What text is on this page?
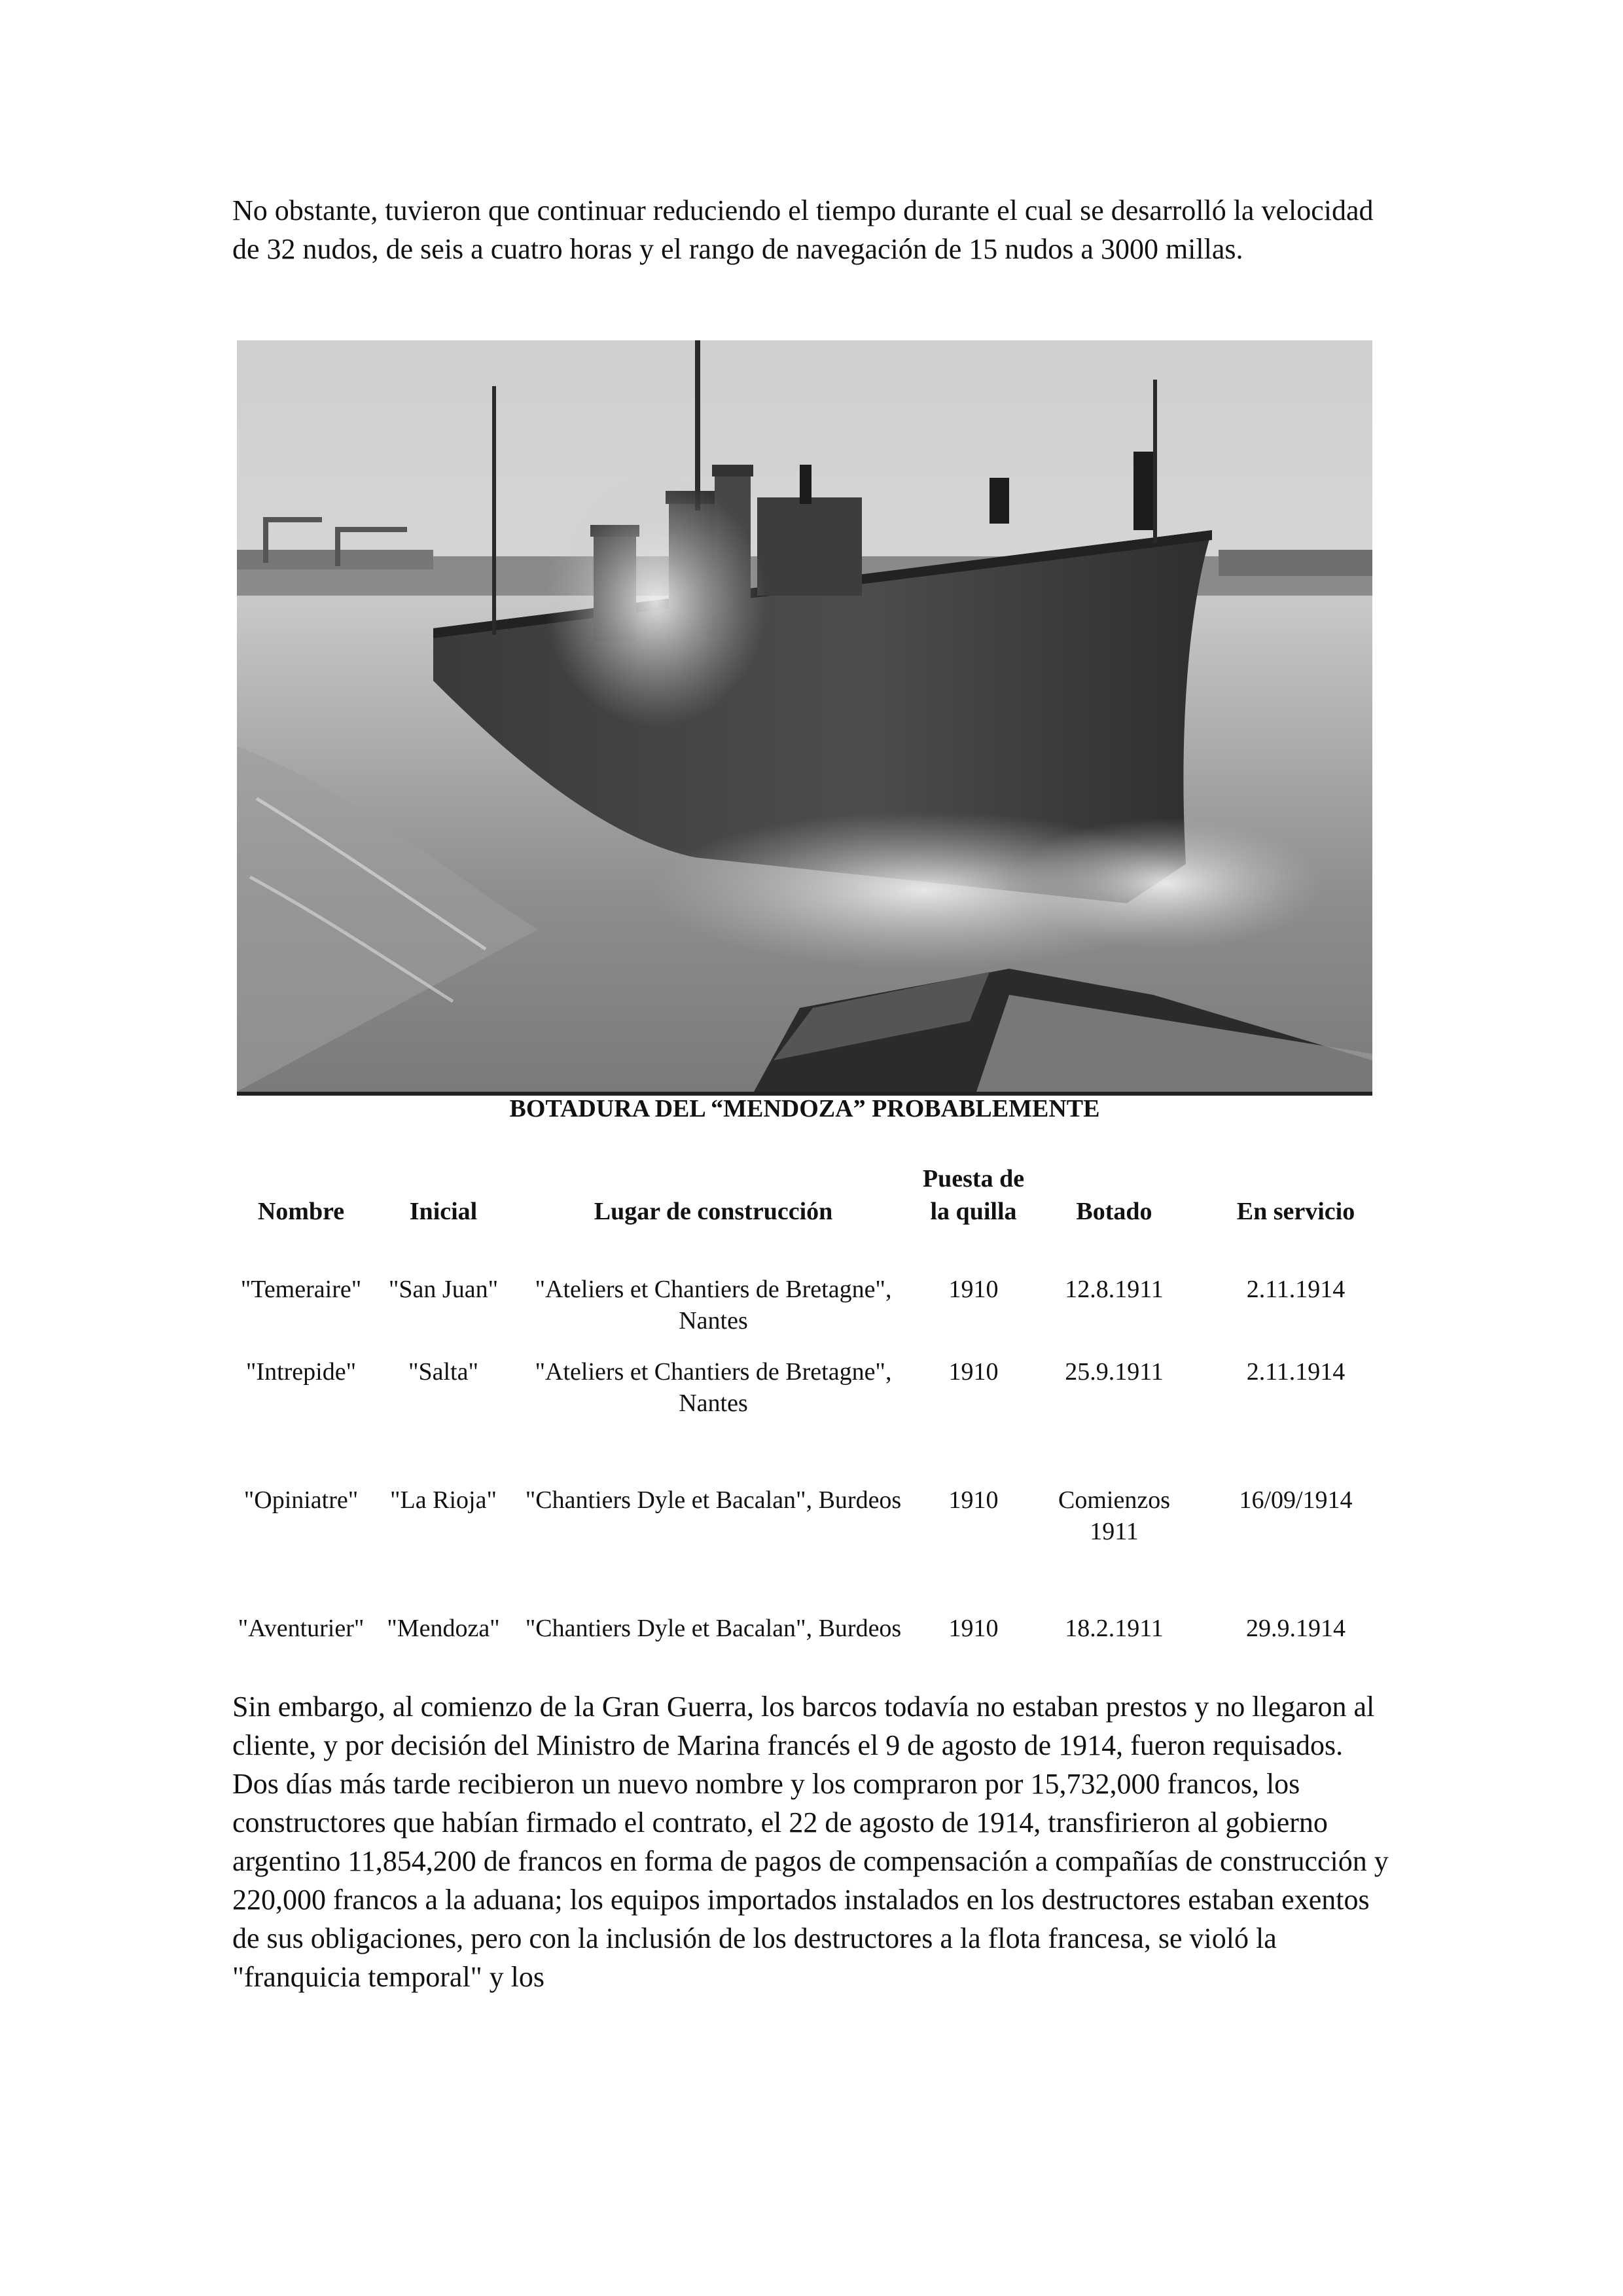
No obstante, tuvieron que continuar reduciendo el tiempo durante el cual se desarrolló la velocidad de 32 nudos, de seis a cuatro horas y el rango de navegación de 15 nudos a 3000 millas.

BOTADURA DEL “MENDOZA” PROBABLEMENTE
Nombre	Inicial	Lugar de construcción	Puesta de la quilla	Botado	En servicio
"Temeraire"	"San Juan"	"Ateliers et Chantiers de Bretagne", Nantes	1910	12.8.1911	2.11.1914
"Intrepide"	"Salta"	"Ateliers et Chantiers de Bretagne", Nantes	1910	25.9.1911	2.11.1914
"Opiniatre"	"La Rioja"	"Chantiers Dyle et Bacalan", Burdeos	1910	Comienzos 1911	16/09/1914
"Aventurier"	"Mendoza"	"Chantiers Dyle et Bacalan", Burdeos	1910	18.2.1911	29.9.1914

Sin embargo, al comienzo de la Gran Guerra, los barcos todavía no estaban prestos y no llegaron al cliente, y por decisión del Ministro de Marina francés el 9 de agosto de 1914, fueron requisados.

Dos días más tarde recibieron un nuevo nombre y los compraron por 15,732,000 francos, los constructores que habían firmado el contrato, el 22 de agosto de 1914, transfirieron al gobierno argentino 11,854,200 de francos en forma de pagos de compensación a compañías de construcción y 220,000 francos a la aduana; los equipos importados instalados en los destructores estaban exentos de sus obligaciones, pero con la inclusión de los destructores a la flota francesa, se violó la "franquicia temporal" y los
